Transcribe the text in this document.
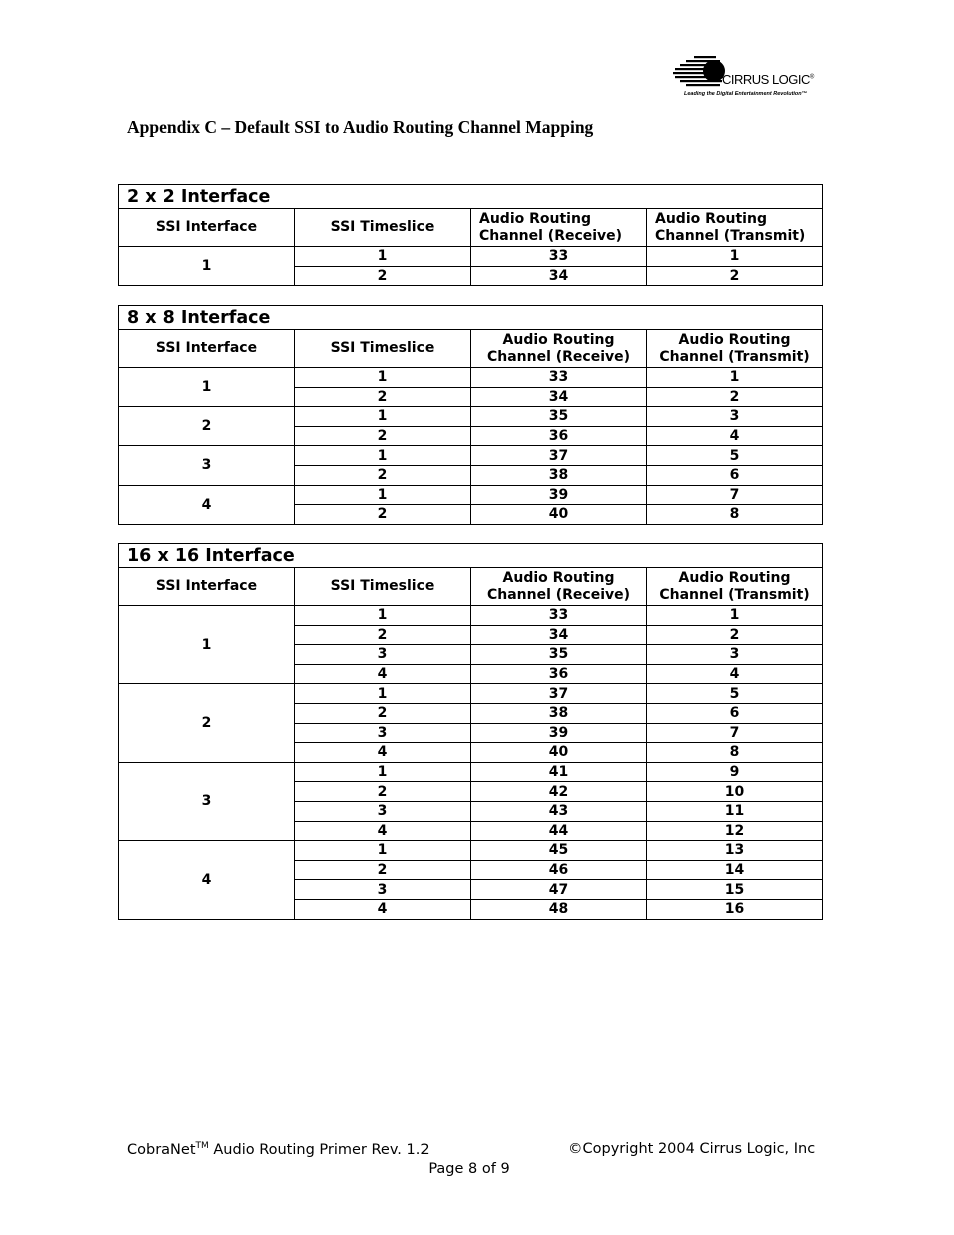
CIRRUS LOGIC®
Leading the Digital Entertainment Revolution™
Appendix C – Default SSI to Audio Routing Channel Mapping
2 x 2 Interface			
SSI Interface	SSI Timeslice	Audio Routing Channel (Receive)	Audio Routing Channel (Transmit)
1	1	33	1
	2	34	2
8 x 8 Interface			
SSI Interface	SSI Timeslice	Audio Routing Channel (Receive)	Audio Routing Channel (Transmit)
1	1	33	1
	2	34	2
2	1	35	3
	2	36	4
3	1	37	5
	2	38	6
4	1	39	7
	2	40	8
16 x 16 Interface			
SSI Interface	SSI Timeslice	Audio Routing Channel (Receive)	Audio Routing Channel (Transmit)
1	1	33	1
	2	34	2
	3	35	3
	4	36	4
2	1	37	5
	2	38	6
	3	39	7
	4	40	8
3	1	41	9
	2	42	10
	3	43	11
	4	44	12
4	1	45	13
	2	46	14
	3	47	15
	4	48	16
CobraNet™ Audio Routing Primer Rev. 1.2	©Copyright 2004 Cirrus Logic, Inc
Page 8 of 9
